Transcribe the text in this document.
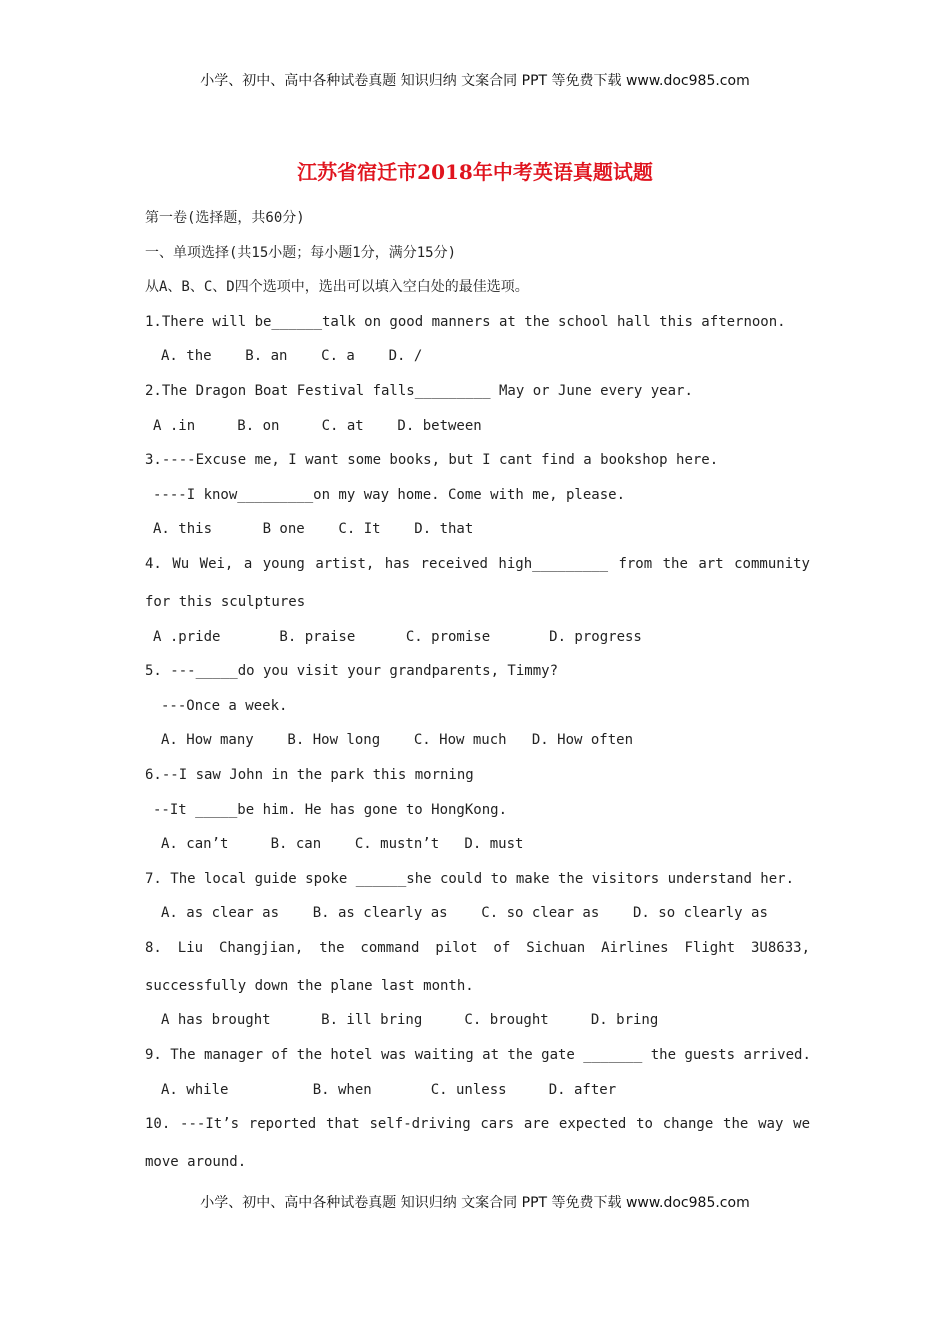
小学、初中、高中各种试卷真题 知识归纳 文案合同 PPT 等免费下载 www.doc985.com
江苏省宿迁市2018年中考英语真题试题
第一卷(选择题，共60分)
一、单项选择(共15小题；每小题1分，满分15分)
从A、B、C、D四个选项中，选出可以填入空白处的最佳选项。
1.There will be______talk on good manners at the school hall this afternoon.
A. the    B. an    C. a    D. /
2.The Dragon Boat Festival falls_________ May or June every year.
A .in     B. on     C. at    D. between
3.----Excuse me, I want some books, but I cant find a bookshop here.
----I know_________on my way home. Come with me, please.
A. this      B one    C. It    D. that
4. Wu Wei, a young artist, has received high_________ from the art community
for this sculptures
A .pride       B. praise      C. promise       D. progress
5. ---_____do you visit your grandparents, Timmy?
---Once a week.
A. How many    B. How long    C. How much   D. How often
6.--I saw John in the park this morning
--It _____be him. He has gone to HongKong.
A. can’t     B. can    C. mustn’t   D. must
7. The local guide spoke ______she could to make the visitors understand her.
A. as clear as    B. as clearly as    C. so clear as    D. so clearly as
8. Liu Changjian, the command pilot of Sichuan Airlines Flight 3U8633,
successfully down the plane last month.
A has brought      B. ill bring     C. brought     D. bring
9. The manager of the hotel was waiting at the gate _______ the guests arrived.
A. while          B. when       C. unless     D. after
10. ---It’s reported that self-driving cars are expected to change the way we
move around.
小学、初中、高中各种试卷真题 知识归纳 文案合同 PPT 等免费下载 www.doc985.com
